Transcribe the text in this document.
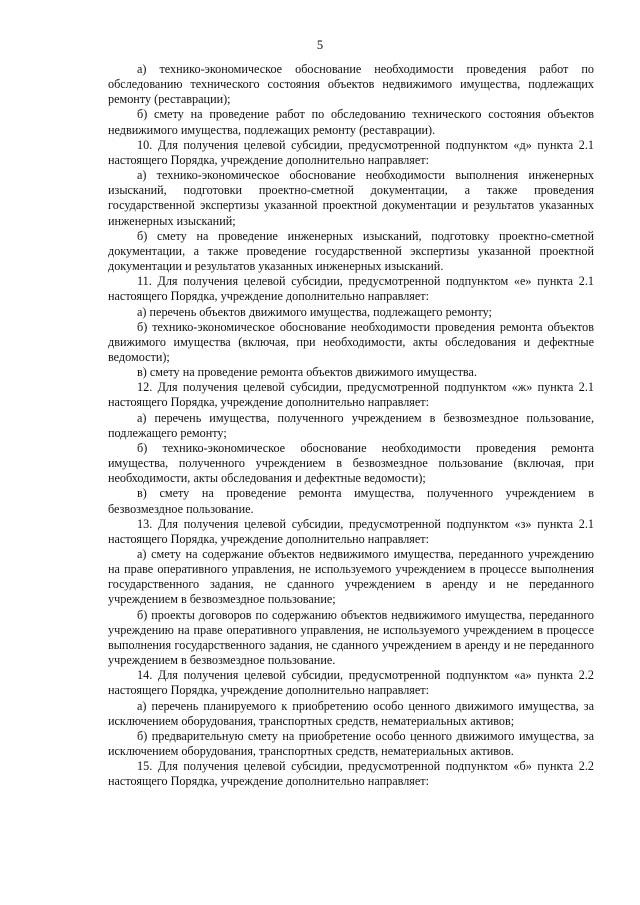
5

а) технико-экономическое обоснование необходимости проведения работ по обследованию технического состояния объектов недвижимого имущества, подлежащих ремонту (реставрации);

б) смету на проведение работ по обследованию технического состояния объектов недвижимого имущества, подлежащих ремонту (реставрации).

10. Для получения целевой субсидии, предусмотренной подпунктом «д» пункта 2.1 настоящего Порядка, учреждение дополнительно направляет:

а) технико-экономическое обоснование необходимости выполнения инженерных изысканий, подготовки проектно-сметной документации, а также проведения государственной экспертизы указанной проектной документации и результатов указанных инженерных изысканий;

б) смету на проведение инженерных изысканий, подготовку проектно-сметной документации, а также проведение государственной экспертизы указанной проектной документации и результатов указанных инженерных изысканий.

11. Для получения целевой субсидии, предусмотренной подпунктом «е» пункта 2.1 настоящего Порядка, учреждение дополнительно направляет:

а) перечень объектов движимого имущества, подлежащего ремонту;

б) технико-экономическое обоснование необходимости проведения ремонта объектов движимого имущества (включая, при необходимости, акты обследования и дефектные ведомости);

в) смету на проведение ремонта объектов движимого имущества.

12. Для получения целевой субсидии, предусмотренной подпунктом «ж» пункта 2.1 настоящего Порядка, учреждение дополнительно направляет:

а) перечень имущества, полученного учреждением в безвозмездное пользование, подлежащего ремонту;

б) технико-экономическое обоснование необходимости проведения ремонта имущества, полученного учреждением в безвозмездное пользование (включая, при необходимости, акты обследования и дефектные ведомости);

в) смету на проведение ремонта имущества, полученного учреждением в безвозмездное пользование.

13. Для получения целевой субсидии, предусмотренной подпунктом «з» пункта 2.1 настоящего Порядка, учреждение дополнительно направляет:

а) смету на содержание объектов недвижимого имущества, переданного учреждению на праве оперативного управления, не используемого учреждением в процессе выполнения государственного задания, не сданного учреждением в аренду и не переданного учреждением в безвозмездное пользование;

б) проекты договоров по содержанию объектов недвижимого имущества, переданного учреждению на праве оперативного управления, не используемого учреждением в процессе выполнения государственного задания, не сданного учреждением в аренду и не переданного учреждением в безвозмездное пользование.

14. Для получения целевой субсидии, предусмотренной подпунктом «а» пункта 2.2 настоящего Порядка, учреждение дополнительно направляет:

а) перечень планируемого к приобретению особо ценного движимого имущества, за исключением оборудования, транспортных средств, нематериальных активов;

б) предварительную смету на приобретение особо ценного движимого имущества, за исключением оборудования, транспортных средств, нематериальных активов.

15. Для получения целевой субсидии, предусмотренной подпунктом «б» пункта 2.2 настоящего Порядка, учреждение дополнительно направляет:
